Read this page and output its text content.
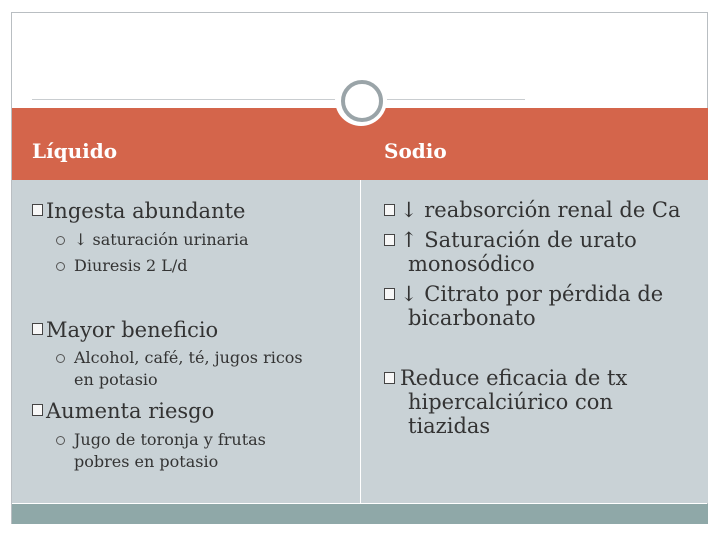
Líquido	Sodio
Ingesta abundante
↓ saturación urinaria
Diuresis 2 L/d
Mayor beneficio
Alcohol, café, té, jugos ricos
en potasio
Aumenta riesgo
Jugo de toronja y frutas
pobres en potasio
↓ reabsorción renal de Ca
↑ Saturación de urato
monosódico
↓ Citrato por pérdida de
bicarbonato
Reduce eficacia de tx
hipercalciúrico con
tiazidas
